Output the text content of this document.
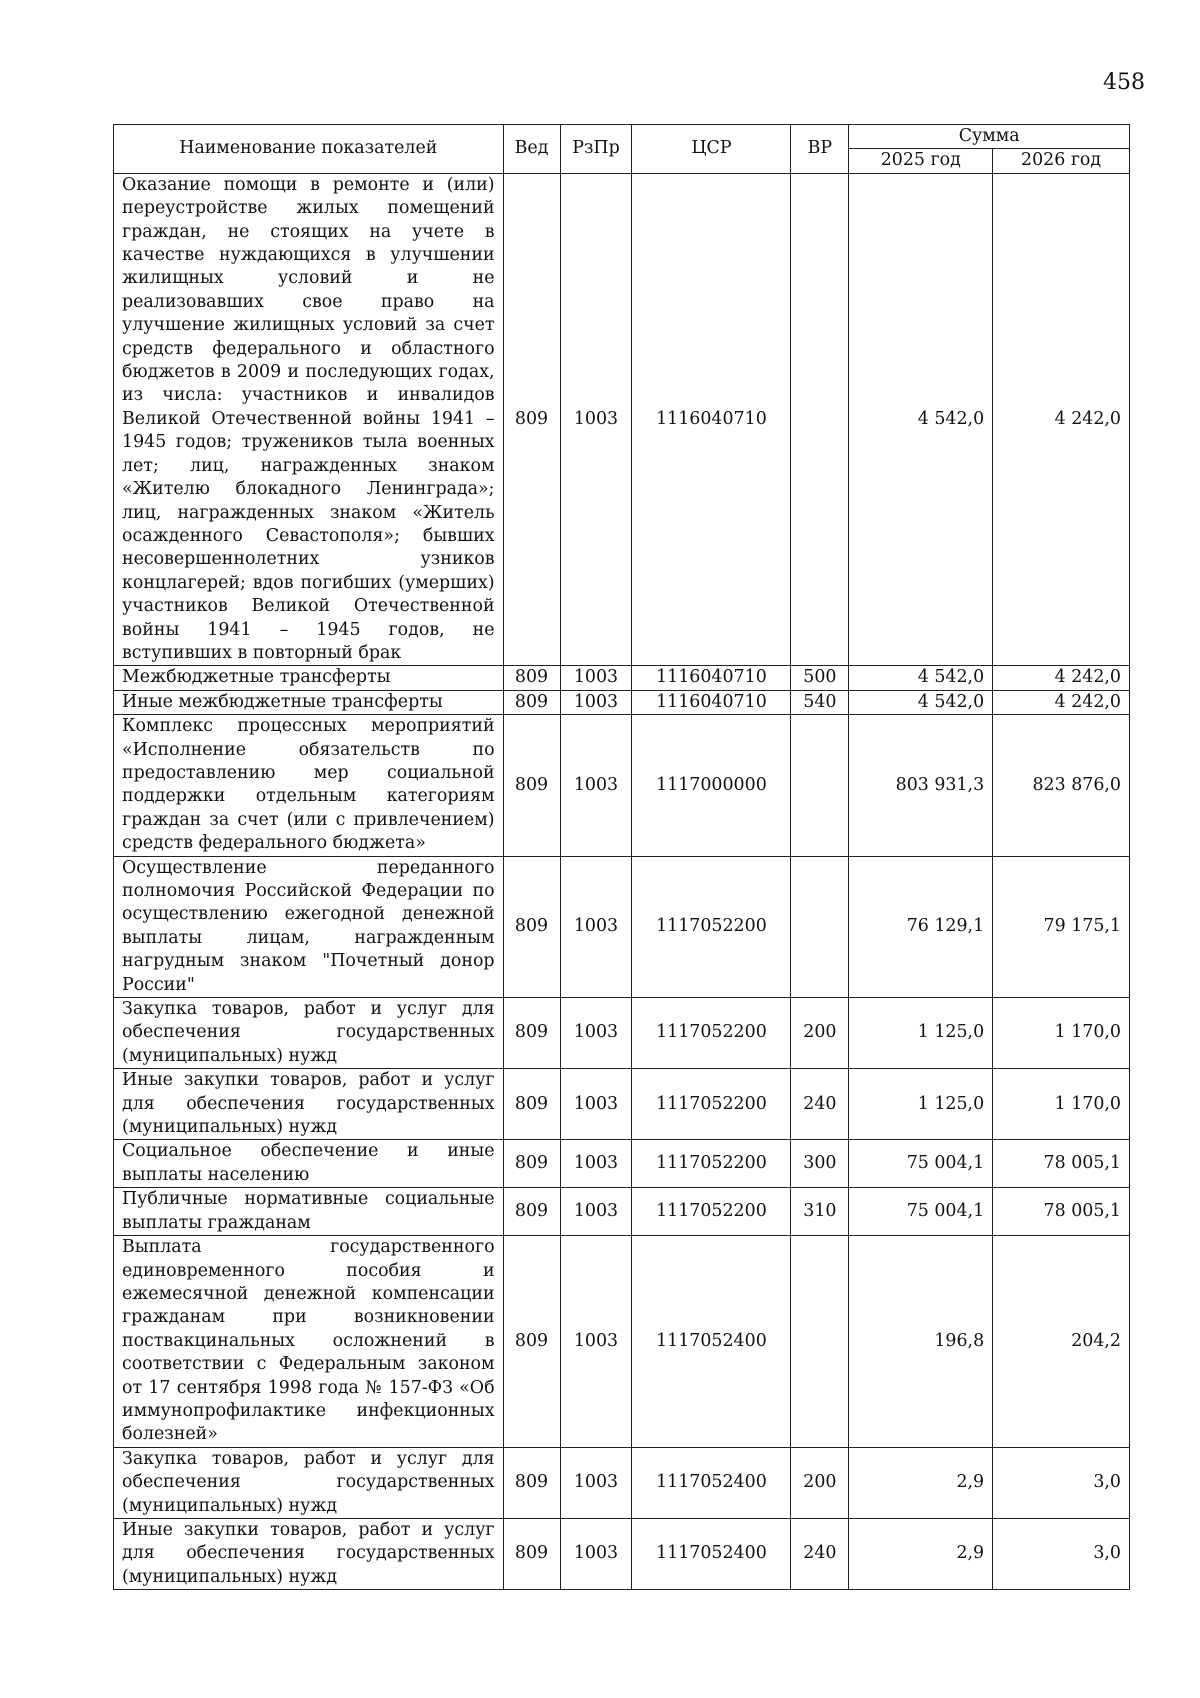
458
Наименование показателей	Вед	РзПр	ЦСР	ВР	Сумма	
					2025 год	2026 год
Оказание помощи в ремонте и (или) переустройстве жилых помещений граждан, не стоящих на учете в качестве нуждающихся в улучшении жилищных условий и не реализовавших свое право на улучшение жилищных условий за счет средств федерального и областного бюджетов в 2009 и последующих годах, из числа: участников и инвалидов Великой Отечественной войны 1941 – 1945 годов; тружеников тыла военных лет; лиц, награжденных знаком «Жителю блокадного Ленинграда»; лиц, награжденных знаком «Житель осажденного Севастополя»; бывших несовершеннолетних узников концлагерей; вдов погибших (умерших) участников Великой Отечественной войны 1941 – 1945 годов, не вступивших в повторный брак	809	1003	1116040710		4 542,0	4 242,0
Межбюджетные трансферты	809	1003	1116040710	500	4 542,0	4 242,0
Иные межбюджетные трансферты	809	1003	1116040710	540	4 542,0	4 242,0
Комплекс процессных мероприятий «Исполнение обязательств по предоставлению мер социальной поддержки отдельным категориям граждан за счет (или с привлечением) средств федерального бюджета»	809	1003	1117000000		803 931,3	823 876,0
Осуществление переданного полномочия Российской Федерации по осуществлению ежегодной денежной выплаты лицам, награжденным нагрудным знаком "Почетный донор России"	809	1003	1117052200		76 129,1	79 175,1
Закупка товаров, работ и услуг для обеспечения государственных (муниципальных) нужд	809	1003	1117052200	200	1 125,0	1 170,0
Иные закупки товаров, работ и услуг для обеспечения государственных (муниципальных) нужд	809	1003	1117052200	240	1 125,0	1 170,0
Социальное обеспечение и иные выплаты населению	809	1003	1117052200	300	75 004,1	78 005,1
Публичные нормативные социальные выплаты гражданам	809	1003	1117052200	310	75 004,1	78 005,1
Выплата государственного единовременного пособия и ежемесячной денежной компенсации гражданам при возникновении поствакцинальных осложнений в соответствии с Федеральным законом от 17 сентября 1998 года № 157-ФЗ «Об иммунопрофилактике инфекционных болезней»	809	1003	1117052400		196,8	204,2
Закупка товаров, работ и услуг для обеспечения государственных (муниципальных) нужд	809	1003	1117052400	200	2,9	3,0
Иные закупки товаров, работ и услуг для обеспечения государственных (муниципальных) нужд	809	1003	1117052400	240	2,9	3,0
